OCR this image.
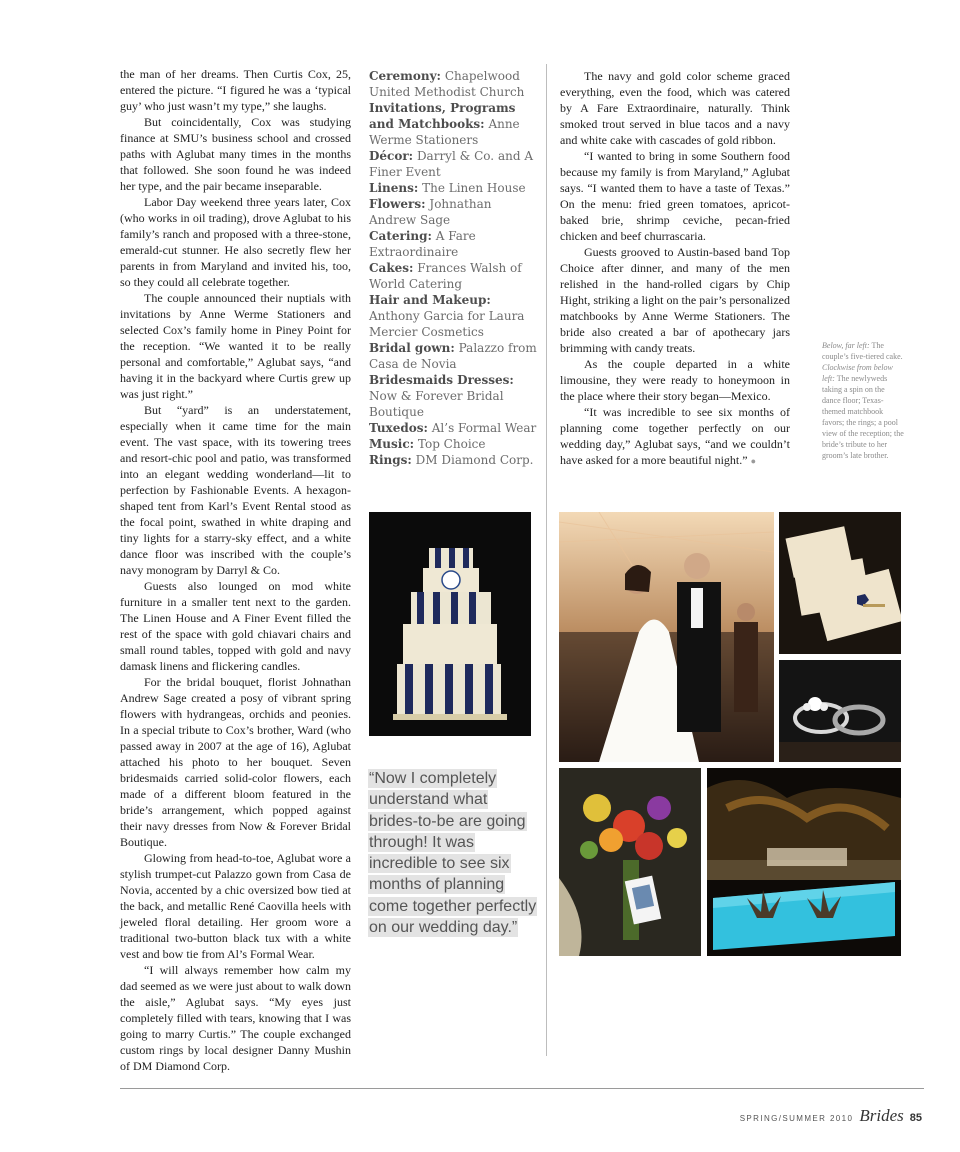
the man of her dreams. Then Curtis Cox, 25, entered the picture. “I figured he was a ‘typical guy’ who just wasn’t my type,” she laughs.

But coincidentally, Cox was studying finance at SMU’s business school and crossed paths with Aglubat many times in the months that followed. She soon found he was indeed her type, and the pair became inseparable.

Labor Day weekend three years later, Cox (who works in oil trading), drove Aglubat to his family’s ranch and proposed with a three-stone, emerald-cut stunner. He also secretly flew her parents in from Maryland and invited his, too, so they could all celebrate together.

The couple announced their nuptials with invitations by Anne Werme Stationers and selected Cox’s family home in Piney Point for the reception. “We wanted it to be really personal and comfortable,” Aglubat says, “and having it in the backyard where Curtis grew up was just right.”

But “yard” is an understatement, especially when it came time for the main event. The vast space, with its towering trees and resort-chic pool and patio, was transformed into an elegant wedding wonderland—lit to perfection by Fashionable Events. A hexagon-shaped tent from Karl’s Event Rental stood as the focal point, swathed in white draping and tiny lights for a starry-sky effect, and a white dance floor was inscribed with the couple’s navy monogram by Darryl & Co.

Guests also lounged on mod white furniture in a smaller tent next to the garden. The Linen House and A Finer Event filled the rest of the space with gold chiavari chairs and small round tables, topped with gold and navy damask linens and flickering candles.

For the bridal bouquet, florist Johnathan Andrew Sage created a posy of vibrant spring flowers with hydrangeas, orchids and peonies. In a special tribute to Cox’s brother, Ward (who passed away in 2007 at the age of 16), Aglubat attached his photo to her bouquet. Seven bridesmaids carried solid-color flowers, each made of a different bloom featured in the bride’s arrangement, which popped against their navy dresses from Now & Forever Bridal Boutique.

Glowing from head-to-toe, Aglubat wore a stylish trumpet-cut Palazzo gown from Casa de Novia, accented by a chic oversized bow tied at the back, and metallic René Caovilla heels with jeweled floral detailing. Her groom wore a traditional two-button black tux with a white vest and bow tie from Al’s Formal Wear.

“I will always remember how calm my dad seemed as we were just about to walk down the aisle,” Aglubat says. “My eyes just completely filled with tears, knowing that I was going to marry Curtis.” The couple exchanged custom rings by local designer Danny Mushin of DM Diamond Corp.

Ceremony: Chapelwood United Methodist Church

Invitations, Programs and Matchbooks: Anne Werme Stationers

Décor: Darryl & Co. and A Finer Event

Linens: The Linen House

Flowers: Johnathan Andrew Sage

Catering: A Fare Extraordinaire

Cakes: Frances Walsh of World Catering

Hair and Makeup: Anthony Garcia for Laura Mercier Cosmetics

Bridal gown: Palazzo from Casa de Novia

Bridesmaids Dresses: Now & Forever Bridal Boutique

Tuxedos: Al’s Formal Wear

Music: Top Choice

Rings: DM Diamond Corp.

The navy and gold color scheme graced everything, even the food, which was catered by A Fare Extraordinaire, naturally. Think smoked trout served in blue tacos and a navy and white cake with cascades of gold ribbon.

“I wanted to bring in some Southern food because my family is from Maryland,” Aglubat says. “I wanted them to have a taste of Texas.” On the menu: fried green tomatoes, apricot-baked brie, shrimp ceviche, pecan-fried chicken and beef churrascaria.

Guests grooved to Austin-based band Top Choice after dinner, and many of the men relished in the hand-rolled cigars by Chip Hight, striking a light on the pair’s personalized matchbooks by Anne Werme Stationers. The bride also created a bar of apothecary jars brimming with candy treats.

As the couple departed in a white limousine, they were ready to honeymoon in the place where their story began—Mexico.

“It was incredible to see six months of planning come together perfectly on our wedding day,” Aglubat says, “and we couldn’t have asked for a more beautiful night.” ●

Below, far left: The couple’s five-tiered cake. Clockwise from below left: The newlyweds taking a spin on the dance floor; Texas-themed matchbook favors; the rings; a pool view of the reception; the bride’s tribute to her groom’s late brother.
“Now I completely understand what brides-to-be are going through! It was incredible to see six months of planning come together perfectly on our wedding day.”
SPRING/SUMMER 2010 Brides 85
